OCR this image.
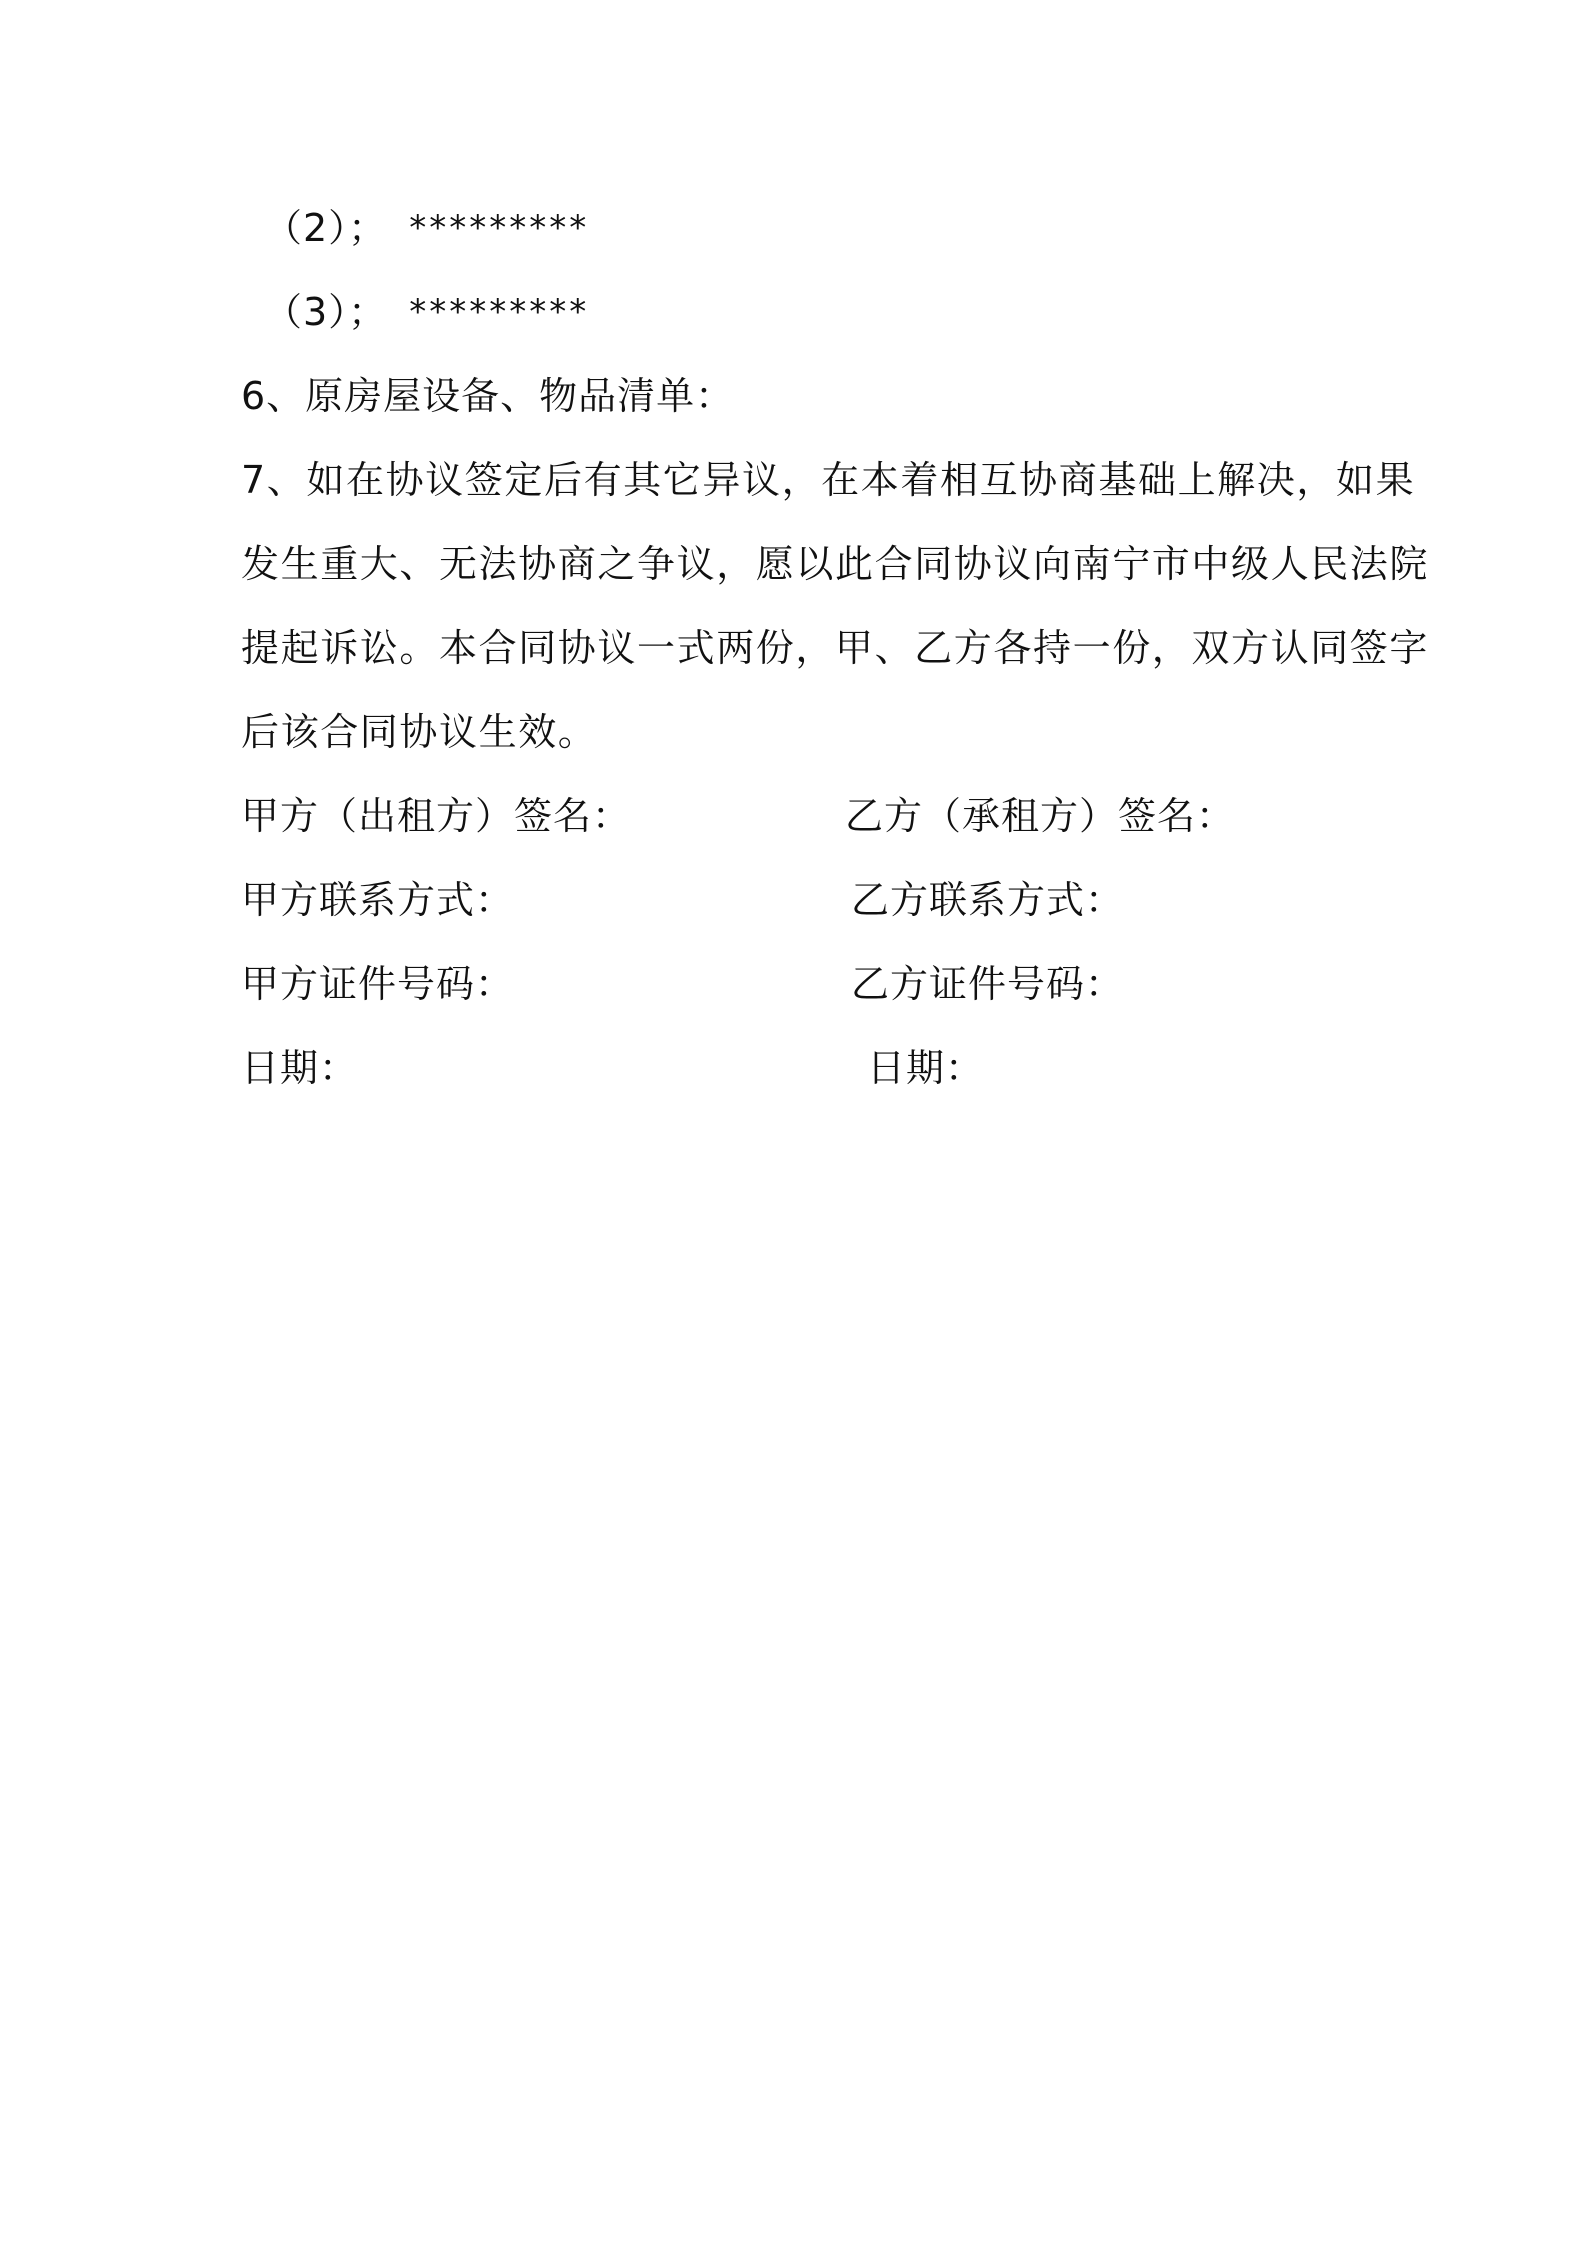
（2）； *********
（3）； *********

6、原房屋设备、物品清单：

7、如在协议签定后有其它异议，在本着相互协商基础上解决，如果

发生重大、无法协商之争议，愿以此合同协议向南宁市中级人民法院

提起诉讼。本合同协议一式两份，甲、乙方各持一份，双方认同签字

后该合同协议生效。

甲方（出租方）签名：	乙方（承租方）签名：

甲方联系方式：	乙方联系方式：

甲方证件号码：	乙方证件号码：

日期：	日期：
